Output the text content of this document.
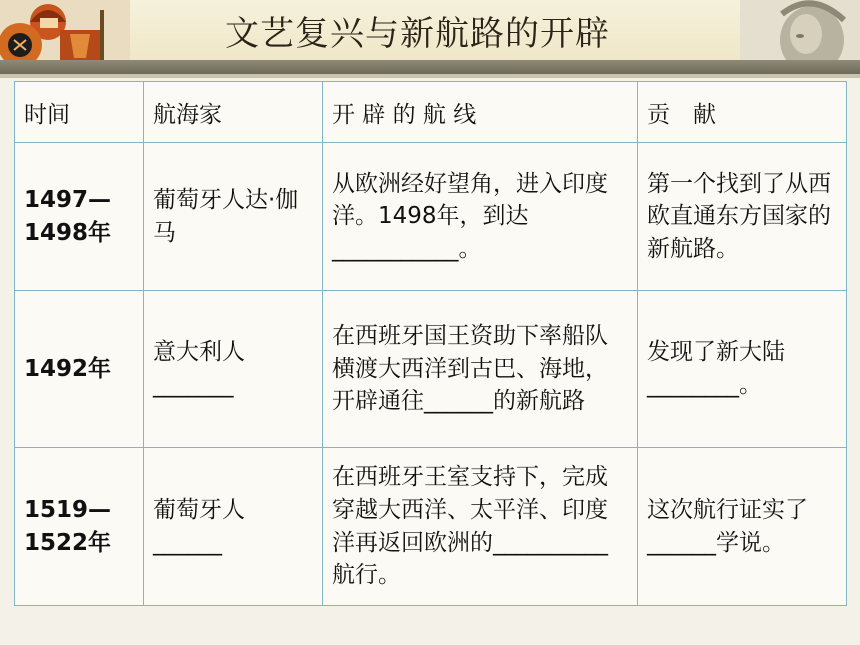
文艺复兴与新航路的开辟
时间	航海家	开 辟 的 航 线	贡　献

1497—
1498年	葡萄牙人达·伽马	从欧洲经好望角，进入印度洋。1498年，到达___________。	第一个找到了从西欧直通东方国家的新航路。

1492年	意大利人_______	在西班牙国王资助下率船队横渡大西洋到古巴、海地，开辟通往______的新航路	发现了新大陆________。

1519—
1522年	葡萄牙人______	在西班牙王室支持下，完成穿越大西洋、太平洋、印度洋再返回欧洲的__________航行。	这次航行证实了______学说。
